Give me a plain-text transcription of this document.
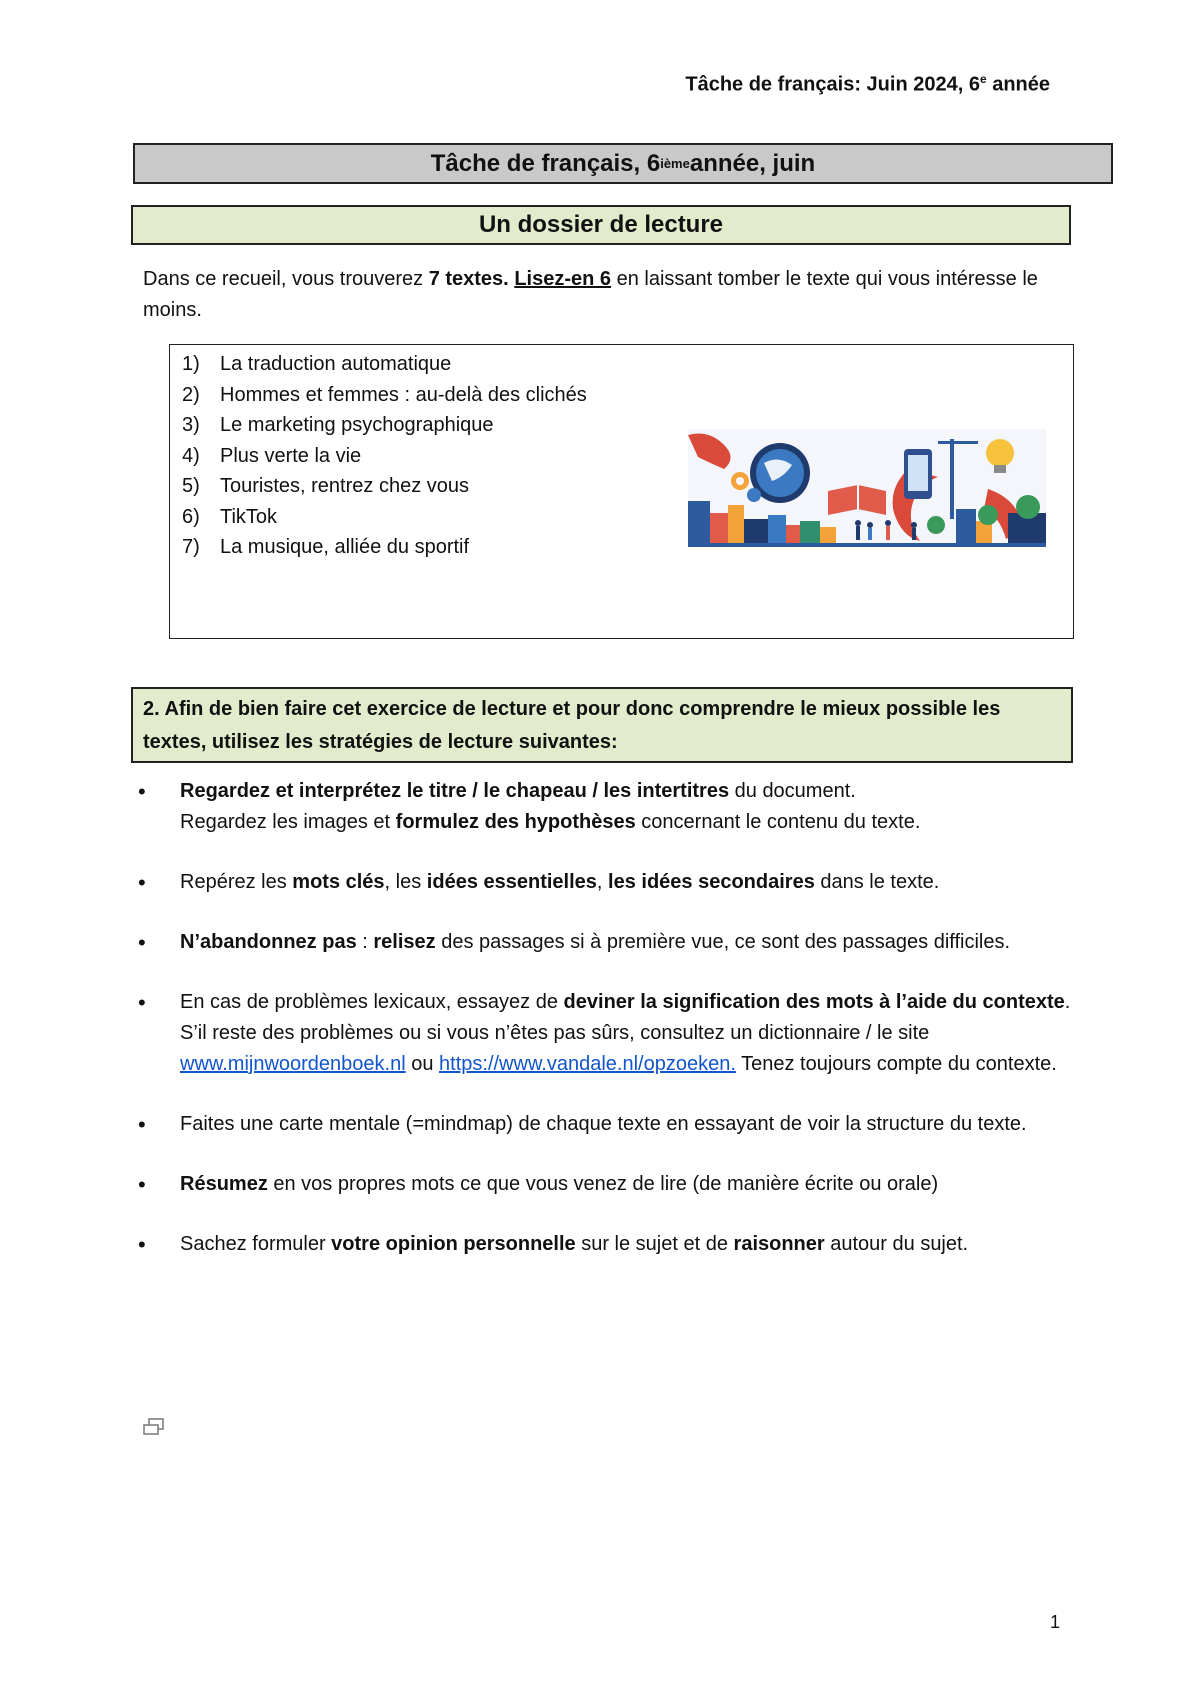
Tâche de français: Juin 2024, 6e année
Tâche de français, 6 ième année, juin
Un dossier de lecture
Dans ce recueil, vous trouverez 7 textes. Lisez-en 6 en laissant tomber le texte qui vous intéresse le moins.
1)	La traduction automatique
2)	Hommes et femmes : au-delà des clichés
3)	Le marketing psychographique
4)	Plus verte la vie
5)	Touristes, rentrez chez vous
6)	TikTok
7)	La musique, alliée du sportif
2. Afin de bien faire cet exercice de lecture et pour donc comprendre le mieux possible les textes, utilisez les stratégies de lecture suivantes:
•	Regardez et interprétez le titre / le chapeau / les intertitres du document.
Regardez les images et formulez des hypothèses concernant le contenu du texte.
•	Repérez les mots clés, les idées essentielles, les idées secondaires dans le texte.
•	N’abandonnez pas : relisez des passages si à première vue, ce sont des passages difficiles.
•	En cas de problèmes lexicaux, essayez de deviner la signification des mots à l’aide du contexte. S’il reste des problèmes ou si vous n’êtes pas sûrs, consultez un dictionnaire / le site www.mijnwoordenboek.nl ou https://www.vandale.nl/opzoeken. Tenez toujours compte du contexte.
•	Faites une carte mentale (=mindmap) de chaque texte en essayant de voir la structure du texte.
•	Résumez en vos propres mots ce que vous venez de lire (de manière écrite ou orale)
•	Sachez formuler votre opinion personnelle sur le sujet et de raisonner autour du sujet.
1
